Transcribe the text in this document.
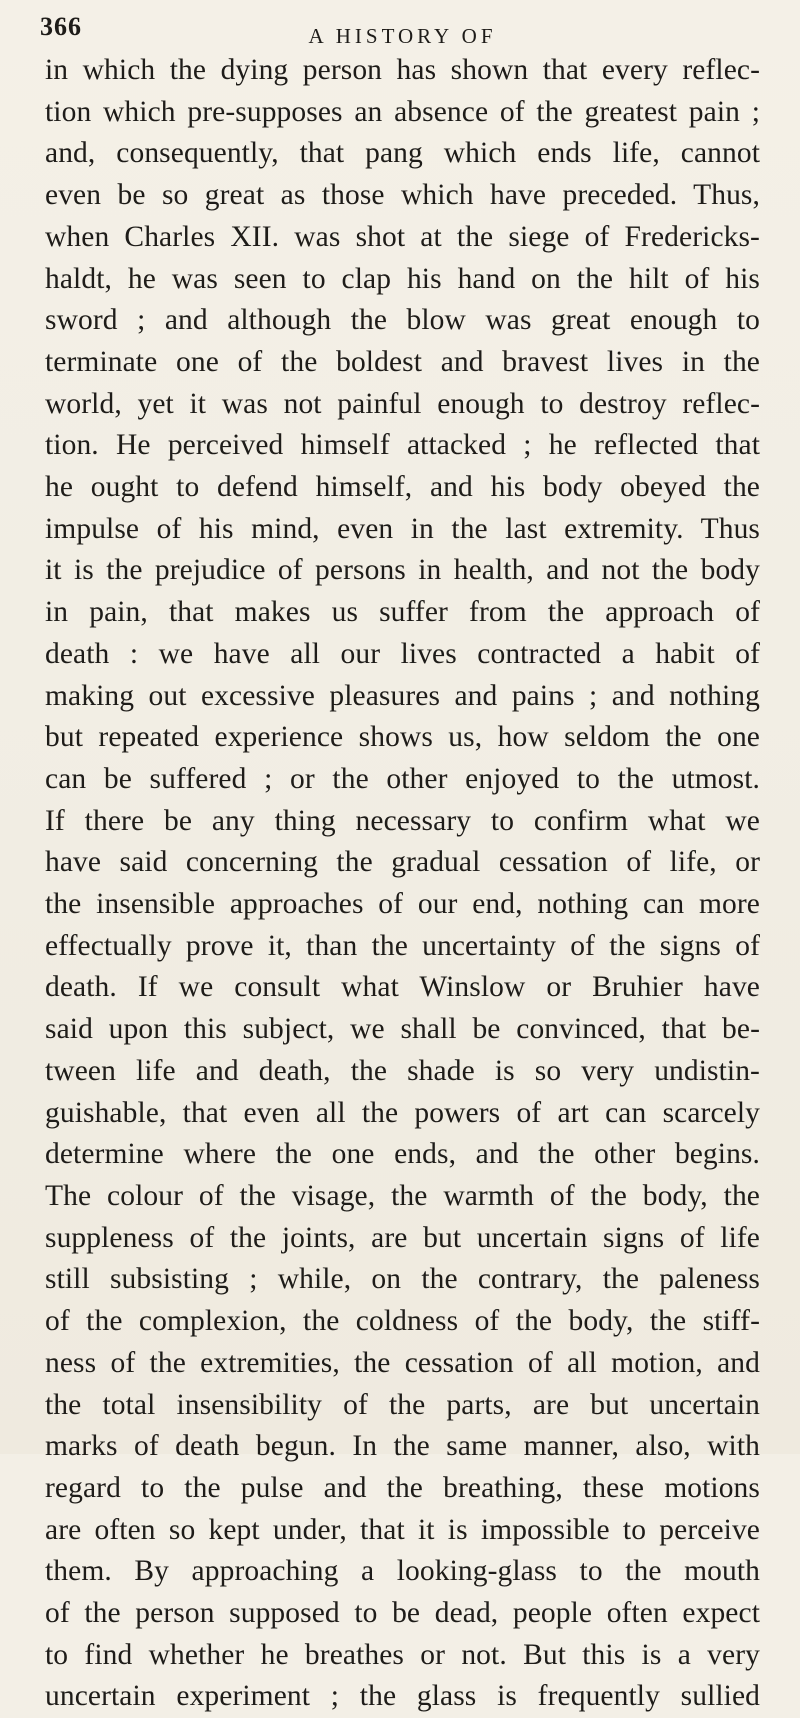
366	A HISTORY OF
in which the dying person has shown that every reflec-
tion which pre-supposes an absence of the greatest pain ;
and, consequently, that pang which ends life, cannot
even be so great as those which have preceded. Thus,
when Charles XII. was shot at the siege of Fredericks-
haldt, he was seen to clap his hand on the hilt of his
sword ; and although the blow was great enough to
terminate one of the boldest and bravest lives in the
world, yet it was not painful enough to destroy reflec-
tion. He perceived himself attacked ; he reflected that
he ought to defend himself, and his body obeyed the
impulse of his mind, even in the last extremity. Thus
it is the prejudice of persons in health, and not the body
in pain, that makes us suffer from the approach of
death : we have all our lives contracted a habit of
making out excessive pleasures and pains ; and nothing
but repeated experience shows us, how seldom the one
can be suffered ; or the other enjoyed to the utmost.
If there be any thing necessary to confirm what we
have said concerning the gradual cessation of life, or
the insensible approaches of our end, nothing can more
effectually prove it, than the uncertainty of the signs of
death. If we consult what Winslow or Bruhier have
said upon this subject, we shall be convinced, that be-
tween life and death, the shade is so very undistin-
guishable, that even all the powers of art can scarcely
determine where the one ends, and the other begins.
The colour of the visage, the warmth of the body, the
suppleness of the joints, are but uncertain signs of life
still subsisting ; while, on the contrary, the paleness
of the complexion, the coldness of the body, the stiff-
ness of the extremities, the cessation of all motion, and
the total insensibility of the parts, are but uncertain
marks of death begun. In the same manner, also, with
regard to the pulse and the breathing, these motions
are often so kept under, that it is impossible to perceive
them. By approaching a looking-glass to the mouth
of the person supposed to be dead, people often expect
to find whether he breathes or not. But this is a very
uncertain experiment ; the glass is frequently sullied
